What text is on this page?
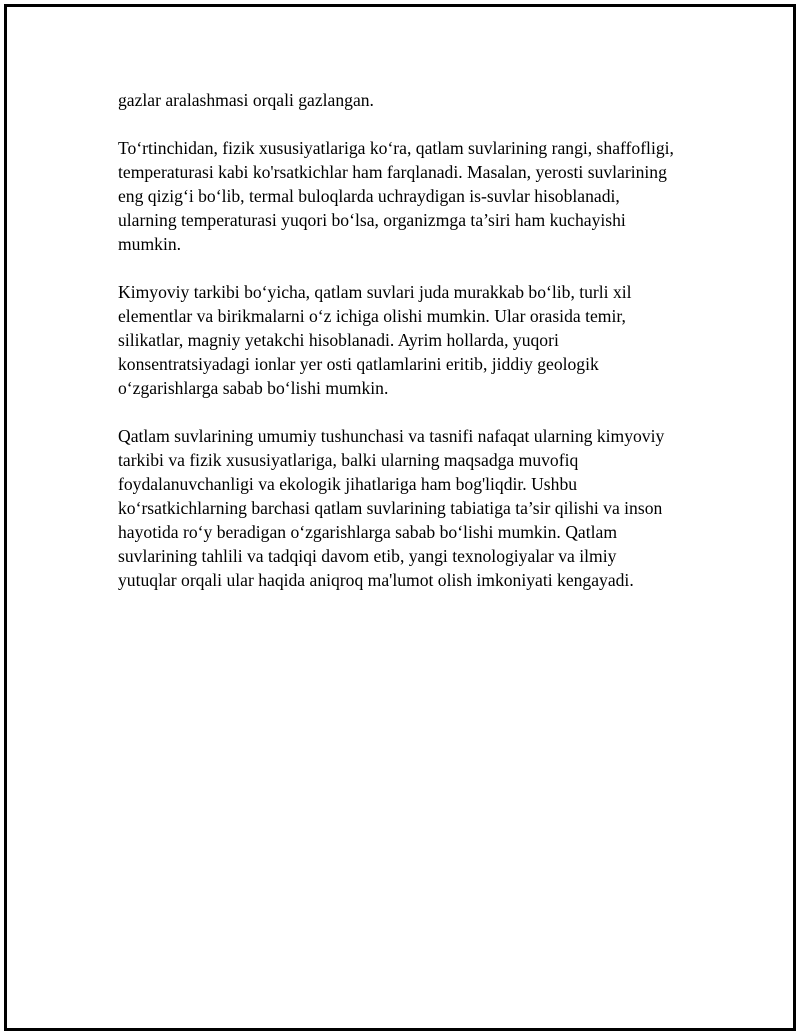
gazlar aralashmasi orqali gazlangan.

To‘rtinchidan, fizik xususiyatlariga ko‘ra, qatlam suvlarining rangi, shaffofligi, temperaturasi kabi ko'rsatkichlar ham farqlanadi. Masalan, yerosti suvlarining eng qizig‘i bo‘lib, termal buloqlarda uchraydigan is-suvlar hisoblanadi, ularning temperaturasi yuqori bo‘lsa, organizmga ta’siri ham kuchayishi mumkin.

Kimyoviy tarkibi bo‘yicha, qatlam suvlari juda murakkab bo‘lib, turli xil elementlar va birikmalarni o‘z ichiga olishi mumkin. Ular orasida temir, silikatlar, magniy yetakchi hisoblanadi. Ayrim hollarda, yuqori konsentratsiyadagi ionlar yer osti qatlamlarini eritib, jiddiy geologik o‘zgarishlarga sabab bo‘lishi mumkin.

Qatlam suvlarining umumiy tushunchasi va tasnifi nafaqat ularning kimyoviy tarkibi va fizik xususiyatlariga, balki ularning maqsadga muvofiq foydalanuvchanligi va ekologik jihatlariga ham bog'liqdir. Ushbu ko‘rsatkichlarning barchasi qatlam suvlarining tabiatiga ta’sir qilishi va inson hayotida ro‘y beradigan o‘zgarishlarga sabab bo‘lishi mumkin. Qatlam suvlarining tahlili va tadqiqi davom etib, yangi texnologiyalar va ilmiy yutuqlar orqali ular haqida aniqroq ma'lumot olish imkoniyati kengayadi.
